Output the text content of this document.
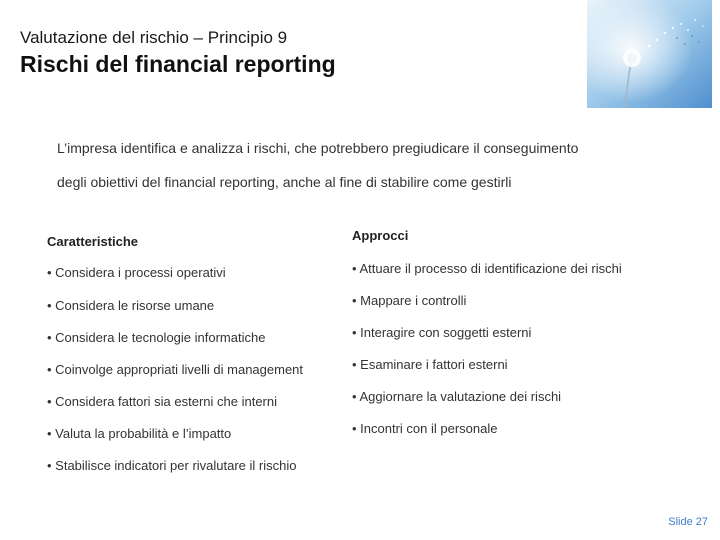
Valutazione del rischio – Principio 9
Rischi del financial reporting
L’impresa identifica e analizza i rischi, che potrebbero pregiudicare il conseguimento
degli obiettivi del financial reporting, anche al fine di stabilire come gestirli
Caratteristiche
• Considera i processi operativi
• Considera le risorse umane
• Considera le tecnologie informatiche
• Coinvolge appropriati livelli di management
• Considera fattori sia esterni che interni
• Valuta la probabilità e l’impatto
• Stabilisce indicatori per rivalutare il rischio
Approcci
• Attuare il processo di identificazione dei rischi
• Mappare i controlli
• Interagire con soggetti esterni
• Esaminare i fattori esterni
• Aggiornare la valutazione dei rischi
• Incontri con il personale
Slide 27
